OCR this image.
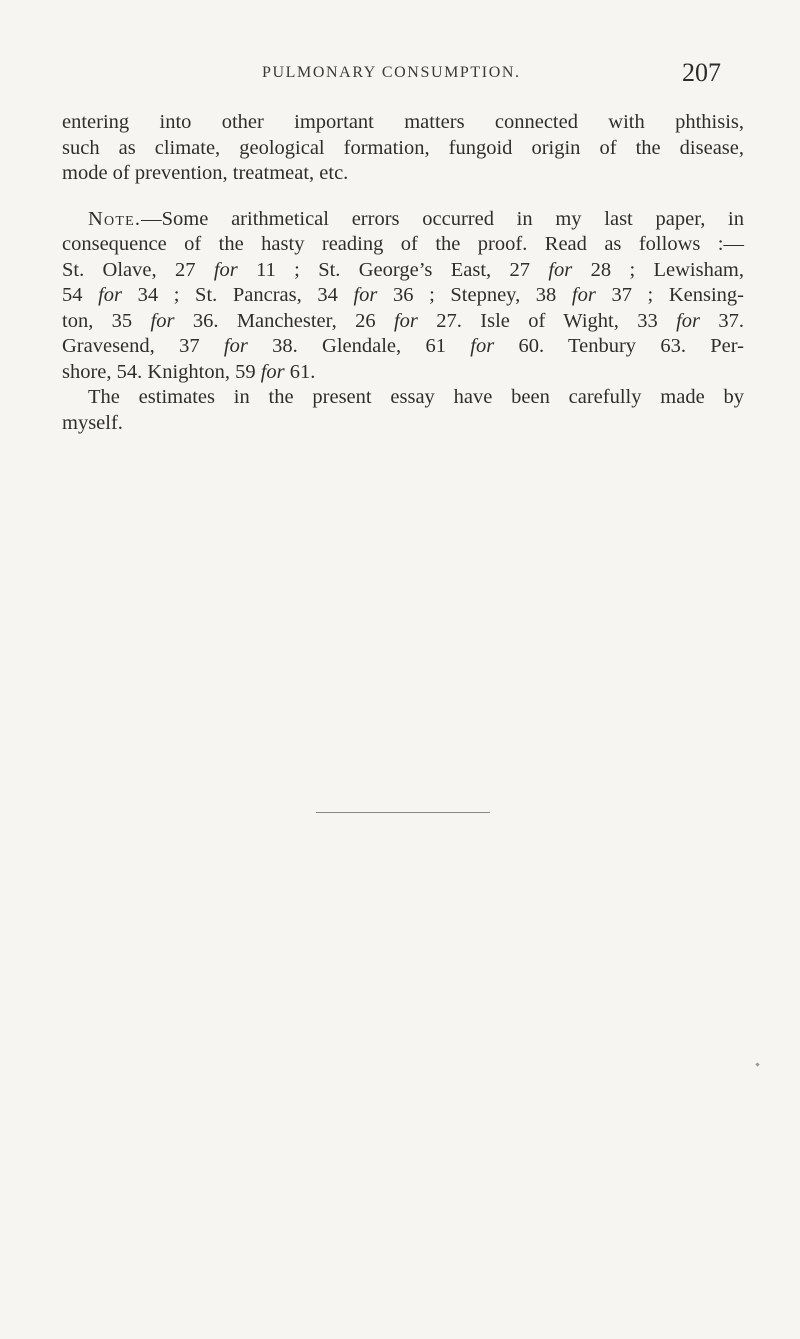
PULMONARY CONSUMPTION.	207
entering into other important matters connected with phthisis,
such as climate, geological formation, fungoid origin of the disease,
mode of prevention, treatmeat, etc.
Note.—Some arithmetical errors occurred in my last paper, in
consequence of the hasty reading of the proof. Read as follows :—
St. Olave, 27 for 11 ; St. George’s East, 27 for 28 ; Lewisham,
54 for 34 ; St. Pancras, 34 for 36 ; Stepney, 38 for 37 ; Kensing-
ton, 35 for 36. Manchester, 26 for 27. Isle of Wight, 33 for 37.
Gravesend, 37 for 38. Glendale, 61 for 60. Tenbury 63. Per-
shore, 54. Knighton, 59 for 61.
The estimates in the present essay have been carefully made by
myself.
